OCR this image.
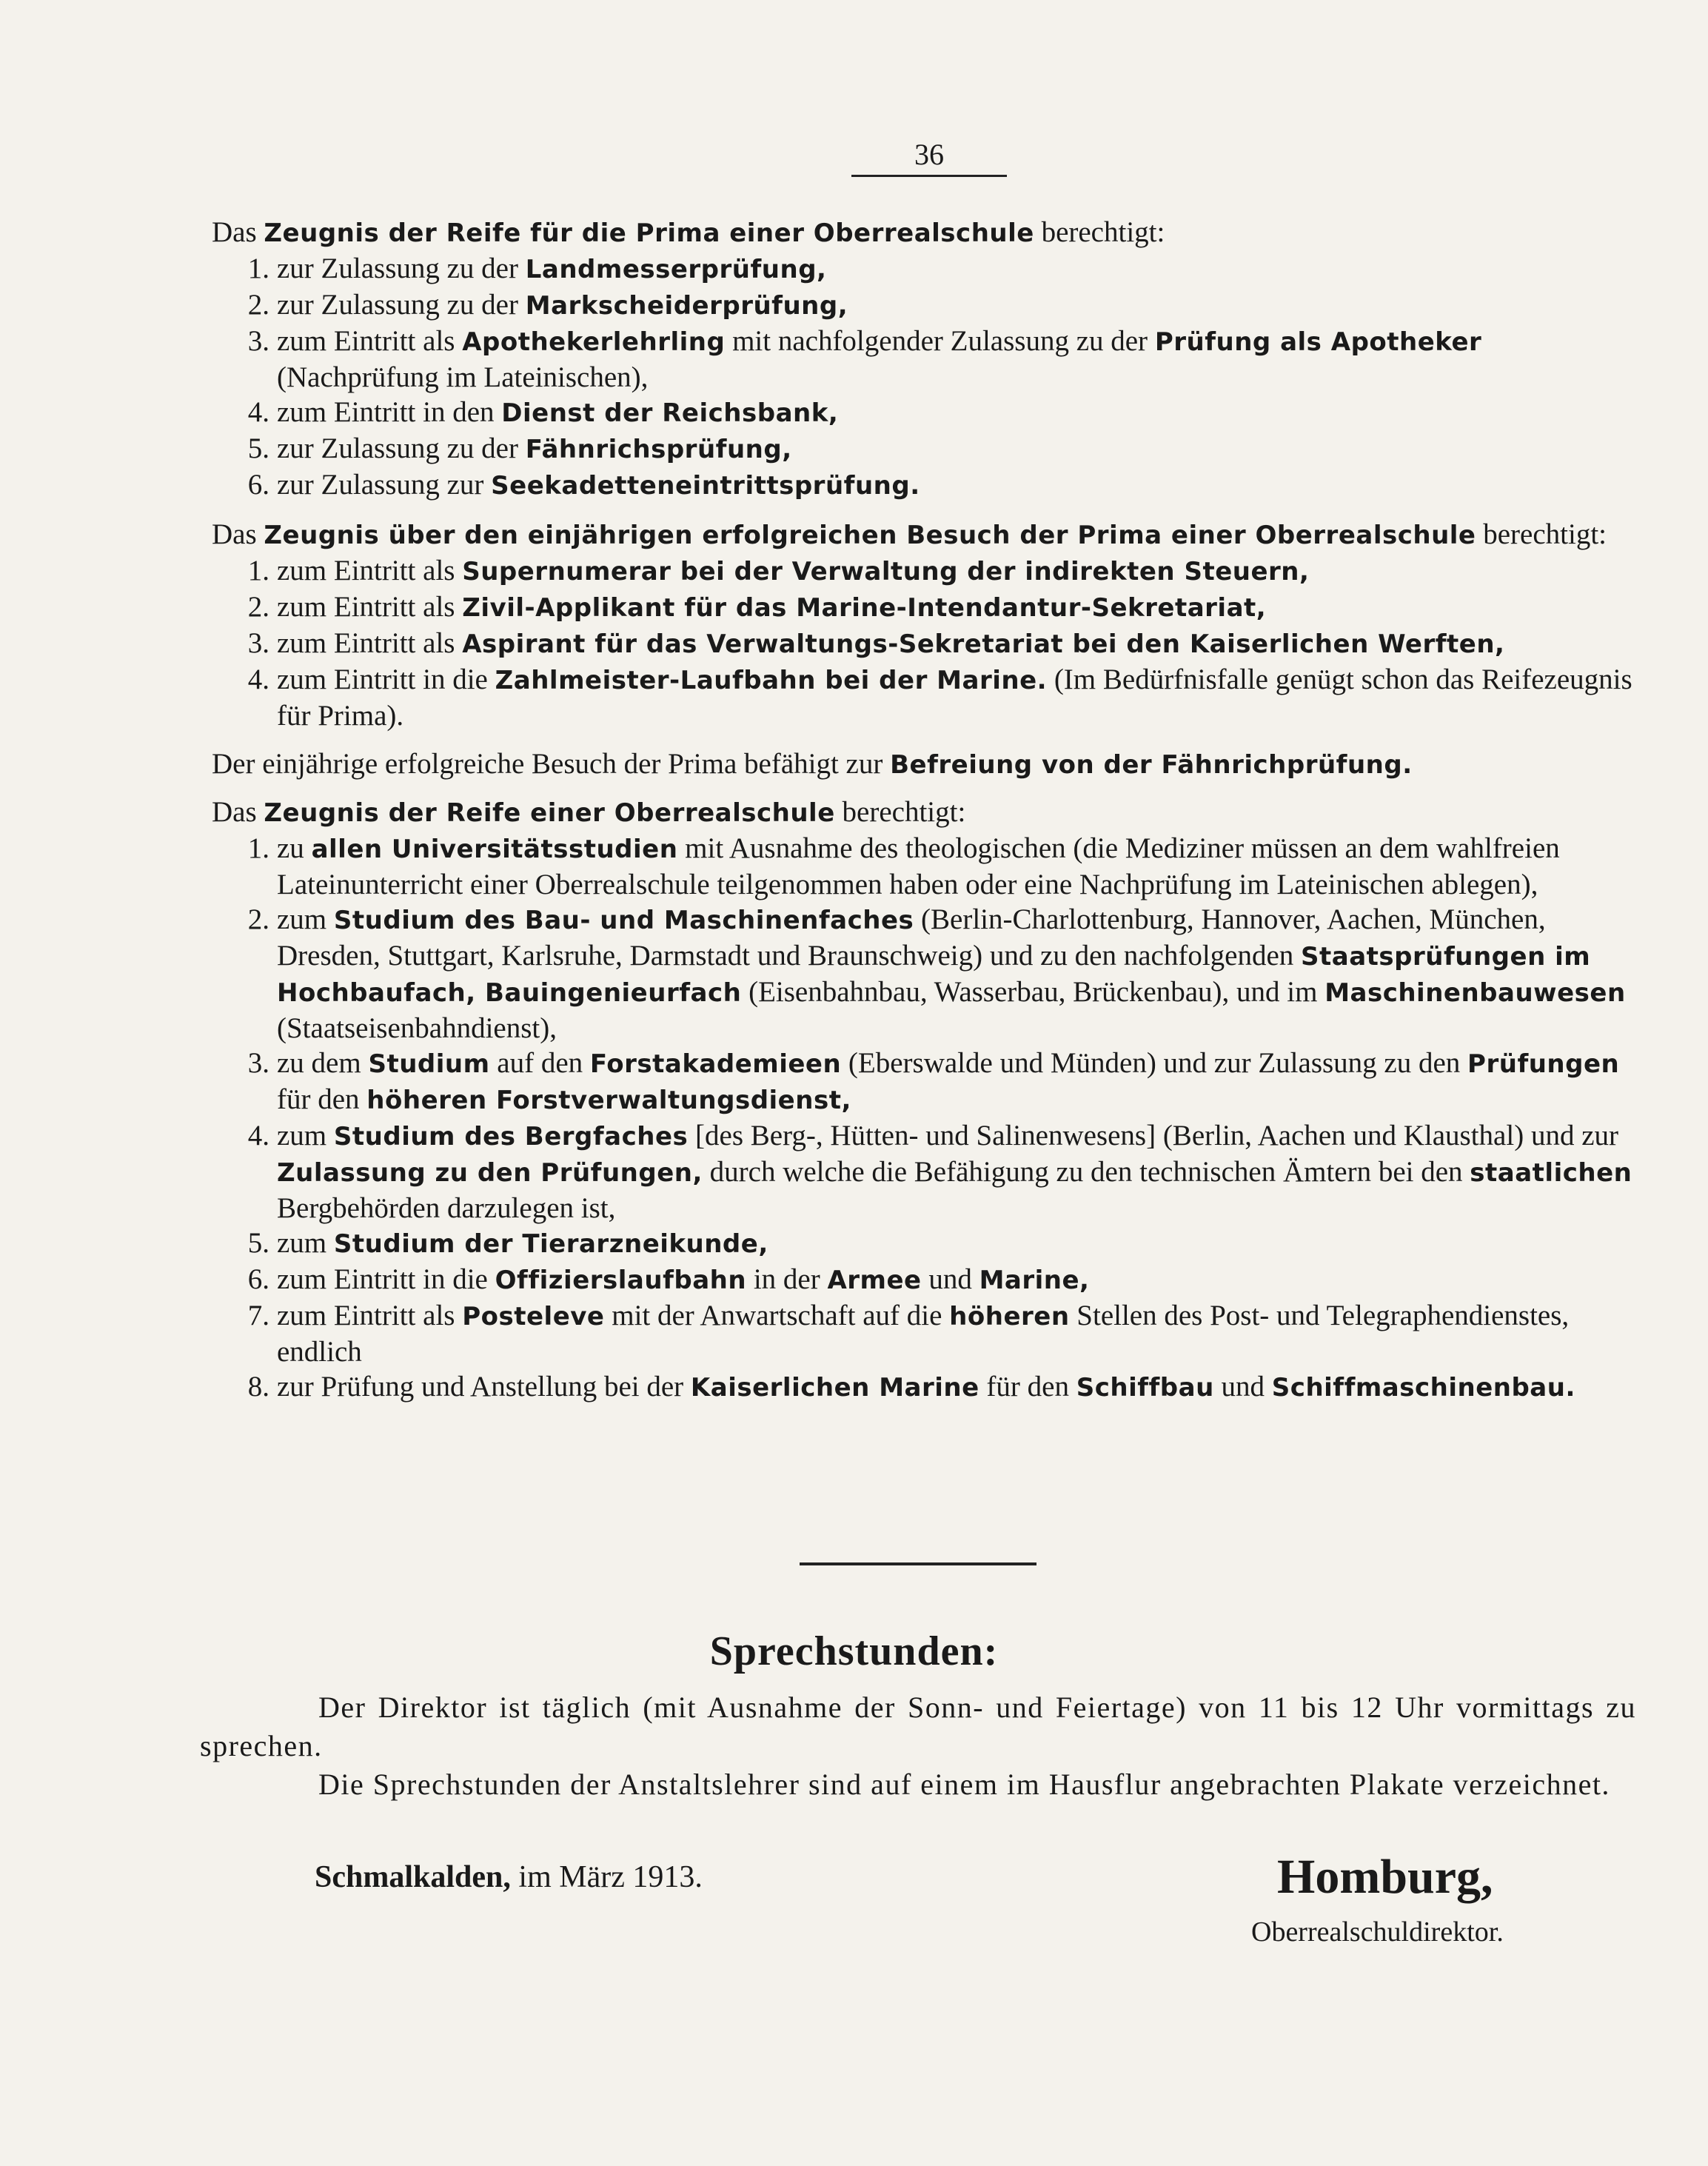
36

Das Zeugnis der Reife für die Prima einer Oberrealschule berechtigt:

1. zur Zulassung zu der Landmesserprüfung,
2. zur Zulassung zu der Markscheiderprüfung,
3. zum Eintritt als Apothekerlehrling mit nachfolgender Zulassung zu der Prüfung als Apotheker
(Nachprüfung im Lateinischen),
4. zum Eintritt in den Dienst der Reichsbank,
5. zur Zulassung zu der Fähnrichsprüfung,
6. zur Zulassung zur Seekadetteneintrittsprüfung.

Das Zeugnis über den einjährigen erfolgreichen Besuch der Prima einer Oberrealschule berechtigt:

1. zum Eintritt als Supernumerar bei der Verwaltung der indirekten Steuern,
2. zum Eintritt als Zivil-Applikant für das Marine-Intendantur-Sekretariat,
3. zum Eintritt als Aspirant für das Verwaltungs-Sekretariat bei den Kaiserlichen Werften,
4. zum Eintritt in die Zahlmeister-Laufbahn bei der Marine. (Im Bedürfnisfalle genügt schon das Reifezeugnis für Prima).

Der einjährige erfolgreiche Besuch der Prima befähigt zur Befreiung von der Fähnrichprüfung.

Das Zeugnis der Reife einer Oberrealschule berechtigt:

1. zu allen Universitätsstudien mit Ausnahme des theologischen (die Mediziner müssen an dem wahlfreien Lateinunterricht einer Oberrealschule teilgenommen haben oder eine Nachprüfung im Lateinischen ablegen),
2. zum Studium des Bau- und Maschinenfaches (Berlin-Charlottenburg, Hannover, Aachen, München, Dresden, Stuttgart, Karlsruhe, Darmstadt und Braunschweig) und zu den nachfolgenden Staatsprüfungen im Hochbaufach, Bauingenieurfach (Eisenbahnbau, Wasserbau, Brückenbau), und im Maschinenbauwesen (Staatseisenbahndienst),
3. zu dem Studium auf den Forstakademieen (Eberswalde und Münden) und zur Zulassung zu den Prüfungen für den höheren Forstverwaltungsdienst,
4. zum Studium des Bergfaches [des Berg-, Hütten- und Salinenwesens] (Berlin, Aachen und Klausthal) und zur Zulassung zu den Prüfungen, durch welche die Befähigung zu den technischen Ämtern bei den staatlichen Bergbehörden darzulegen ist,
5. zum Studium der Tierarzneikunde,
6. zum Eintritt in die Offizierslaufbahn in der Armee und Marine,
7. zum Eintritt als Posteleve mit der Anwartschaft auf die höheren Stellen des Post- und Telegraphendienstes, endlich
8. zur Prüfung und Anstellung bei der Kaiserlichen Marine für den Schiffbau und Schiffmaschinenbau.
Sprechstunden:

Der Direktor ist täglich (mit Ausnahme der Sonn- und Feiertage) von 11 bis 12 Uhr vormittags zu sprechen.

Die Sprechstunden der Anstaltslehrer sind auf einem im Hausflur angebrachten Plakate verzeichnet.

Schmalkalden, im März 1913.	Homburg,
Oberrealschuldirektor.
